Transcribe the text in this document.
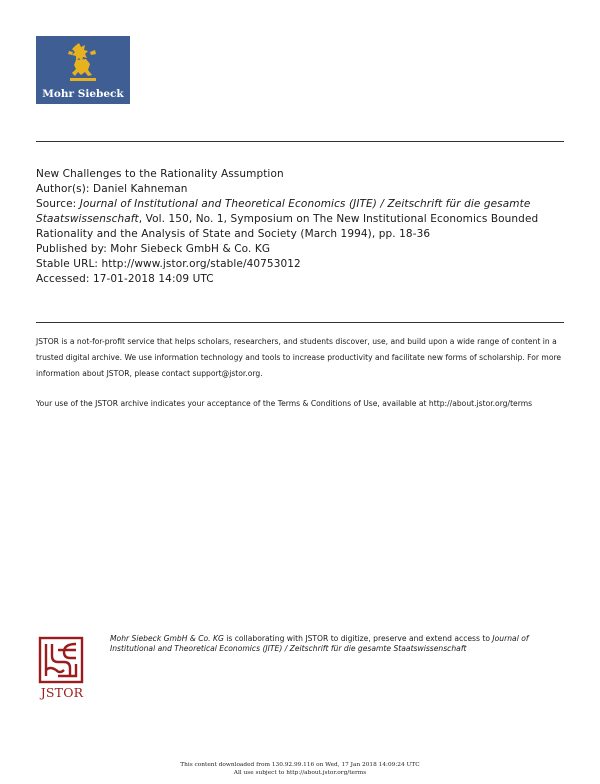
Mohr Siebeck

New Challenges to the Rationality Assumption

Author(s): Daniel Kahneman

Source: Journal of Institutional and Theoretical Economics (JITE) / Zeitschrift für die gesamte Staatswissenschaft, Vol. 150, No. 1, Symposium on The New Institutional Economics Bounded Rationality and the Analysis of State and Society (March 1994), pp. 18-36

Published by: Mohr Siebeck GmbH & Co. KG

Stable URL: http://www.jstor.org/stable/40753012

Accessed: 17-01-2018 14:09 UTC

JSTOR is a not-for-profit service that helps scholars, researchers, and students discover, use, and build upon a wide range of content in a trusted digital archive. We use information technology and tools to increase productivity and facilitate new forms of scholarship. For more information about JSTOR, please contact support@jstor.org.

Your use of the JSTOR archive indicates your acceptance of the Terms & Conditions of Use, available at http://about.jstor.org/terms

JSTOR

Mohr Siebeck GmbH & Co. KG is collaborating with JSTOR to digitize, preserve and extend access to Journal of Institutional and Theoretical Economics (JITE) / Zeitschrift für die gesamte Staatswissenschaft

This content downloaded from 130.92.99.116 on Wed, 17 Jan 2018 14:09:24 UTC
All use subject to http://about.jstor.org/terms
